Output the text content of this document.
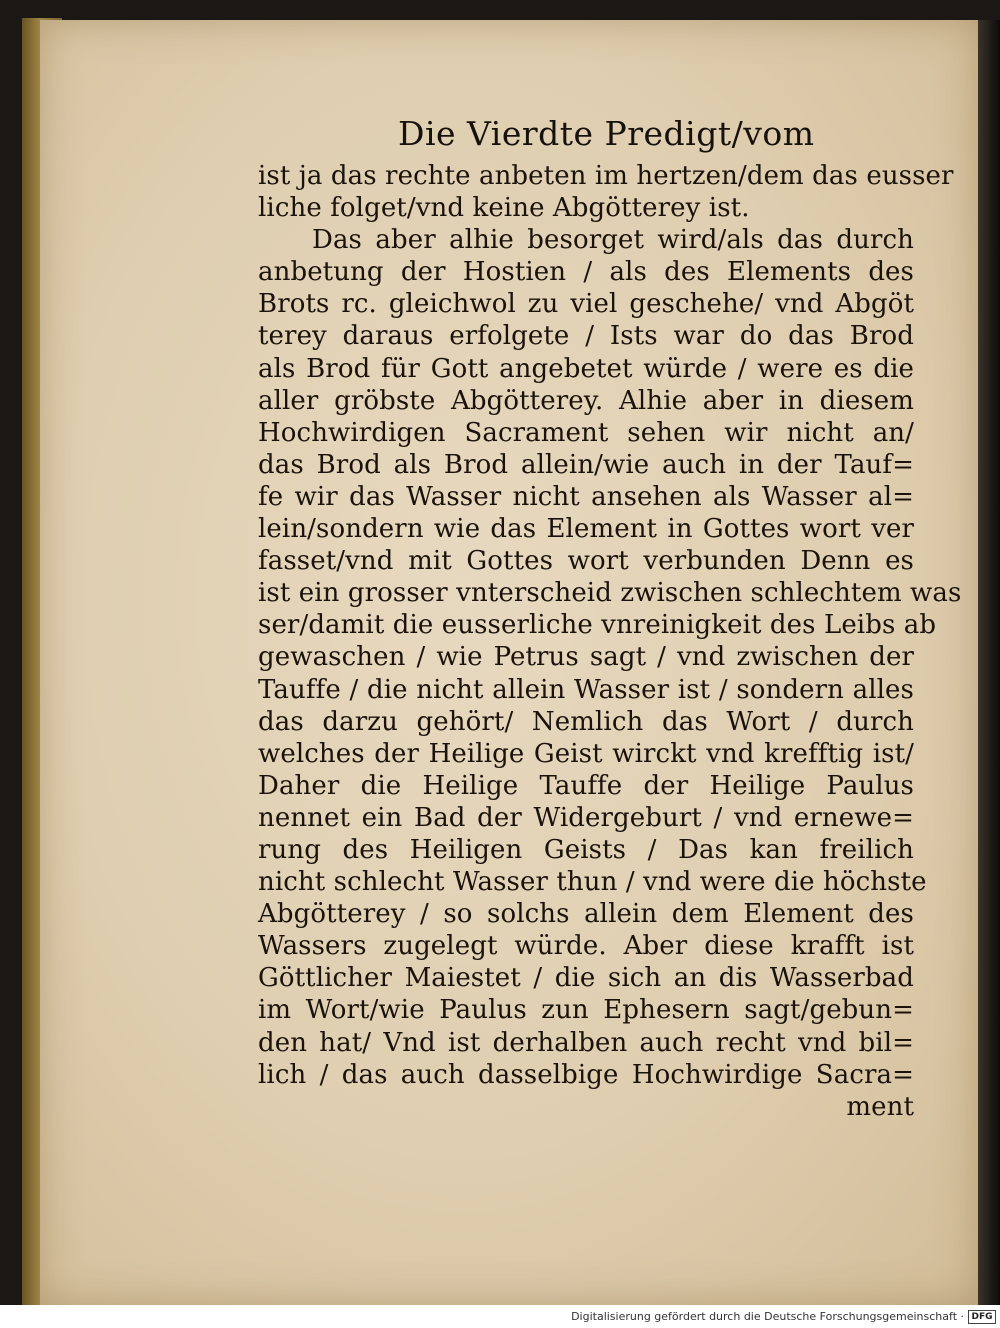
Die Vierdte Predigt/vom
ist ja das rechte anbeten im hertzen/dem das eusser
liche folget/vnd keine Abgötterey ist.
Das aber alhie besorget wird/als das durch
anbetung der Hostien / als des Elements des
Brots rc. gleichwol zu viel geschehe/ vnd Abgöt
terey daraus erfolgete / Ists war do das Brod
als Brod für Gott angebetet würde / were es die
aller gröbste Abgötterey. Alhie aber in diesem
Hochwirdigen Sacrament sehen wir nicht an/
das Brod als Brod allein/wie auch in der Tauf=
fe wir das Wasser nicht ansehen als Wasser al=
lein/sondern wie das Element in Gottes wort ver
fasset/vnd mit Gottes wort verbunden Denn es
ist ein grosser vnterscheid zwischen schlechtem was
ser/damit die eusserliche vnreinigkeit des Leibs ab
gewaschen / wie Petrus sagt / vnd zwischen der
Tauffe / die nicht allein Wasser ist / sondern alles
das darzu gehört/ Nemlich das Wort / durch
welches der Heilige Geist wirckt vnd krefftig ist/
Daher die Heilige Tauffe der Heilige Paulus
nennet ein Bad der Widergeburt / vnd ernewe=
rung des Heiligen Geists / Das kan freilich
nicht schlecht Wasser thun / vnd were die höchste
Abgötterey / so solchs allein dem Element des
Wassers zugelegt würde. Aber diese krafft ist
Göttlicher Maiestet / die sich an dis Wasserbad
im Wort/wie Paulus zun Ephesern sagt/gebun=
den hat/ Vnd ist derhalben auch recht vnd bil=
lich / das auch dasselbige Hochwirdige Sacra=
ment
Digitalisierung gefördert durch die Deutsche Forschungsgemeinschaft · DFG
